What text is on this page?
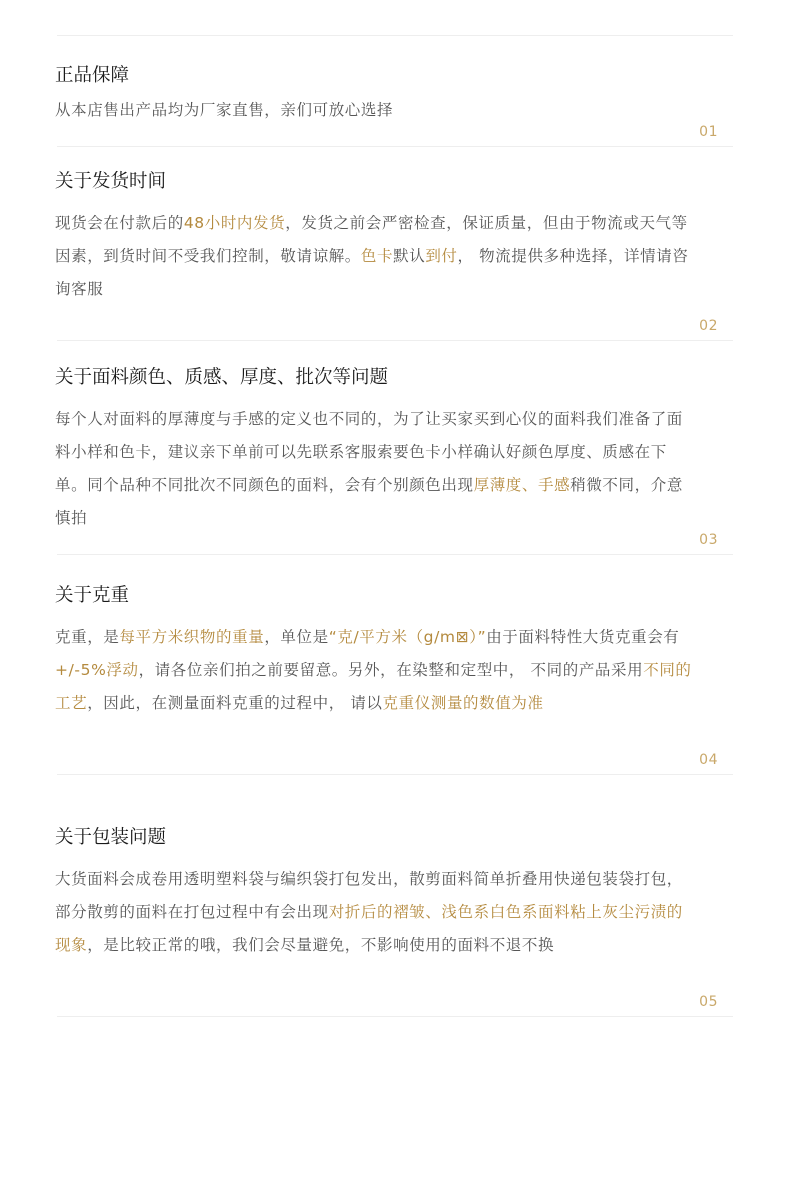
正品保障

从本店售出产品均为厂家直售，亲们可放心选择

01
关于发货时间

现货会在付款后的48小时内发货，发货之前会严密检查，保证质量，但由于物流或天气等因素，到货时间不受我们控制，敬请谅解。色卡默认到付， 物流提供多种选择，详情请咨询客服

02
关于面料颜色、质感、厚度、批次等问题

每个人对面料的厚薄度与手感的定义也不同的，为了让买家买到心仪的面料我们准备了面料小样和色卡，建议亲下单前可以先联系客服索要色卡小样确认好颜色厚度、质感在下单。同个品种不同批次不同颜色的面料，会有个别颜色出现厚薄度、手感稍微不同，介意慎拍

03
关于克重

克重，是每平方米织物的重量，单位是“克/平方米（g/m⊠）”由于面料特性大货克重会有+/-5%浮动，请各位亲们拍之前要留意。另外，在染整和定型中， 不同的产品采用不同的工艺，因此，在测量面料克重的过程中， 请以克重仪测量的数值为准

04
关于包装问题

大货面料会成卷用透明塑料袋与编织袋打包发出，散剪面料简单折叠用快递包装袋打包，部分散剪的面料在打包过程中有会出现对折后的褶皱、浅色系白色系面料粘上灰尘污渍的现象，是比较正常的哦，我们会尽量避免，不影响使用的面料不退不换

05
